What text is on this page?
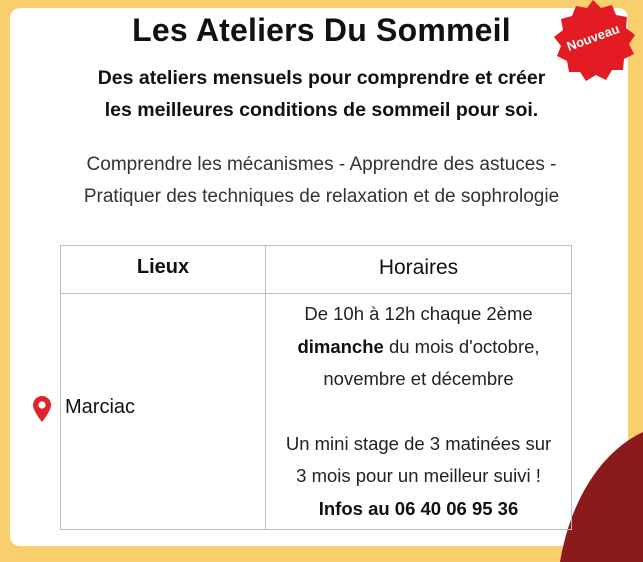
Les Ateliers Du Sommeil	Nouveau
Des ateliers mensuels pour comprendre et créer
les meilleures conditions de sommeil pour soi.
Comprendre les mécanismes - Apprendre des astuces -
Pratiquer des techniques de relaxation et de sophrologie
Lieux	Horaires
Marciac
De 10h à 12h chaque 2ème
dimanche du mois d'octobre,
novembre et décembre
Un mini stage de 3 matinées sur
3 mois pour un meilleur suivi !
Infos au 06 40 06 95 36
